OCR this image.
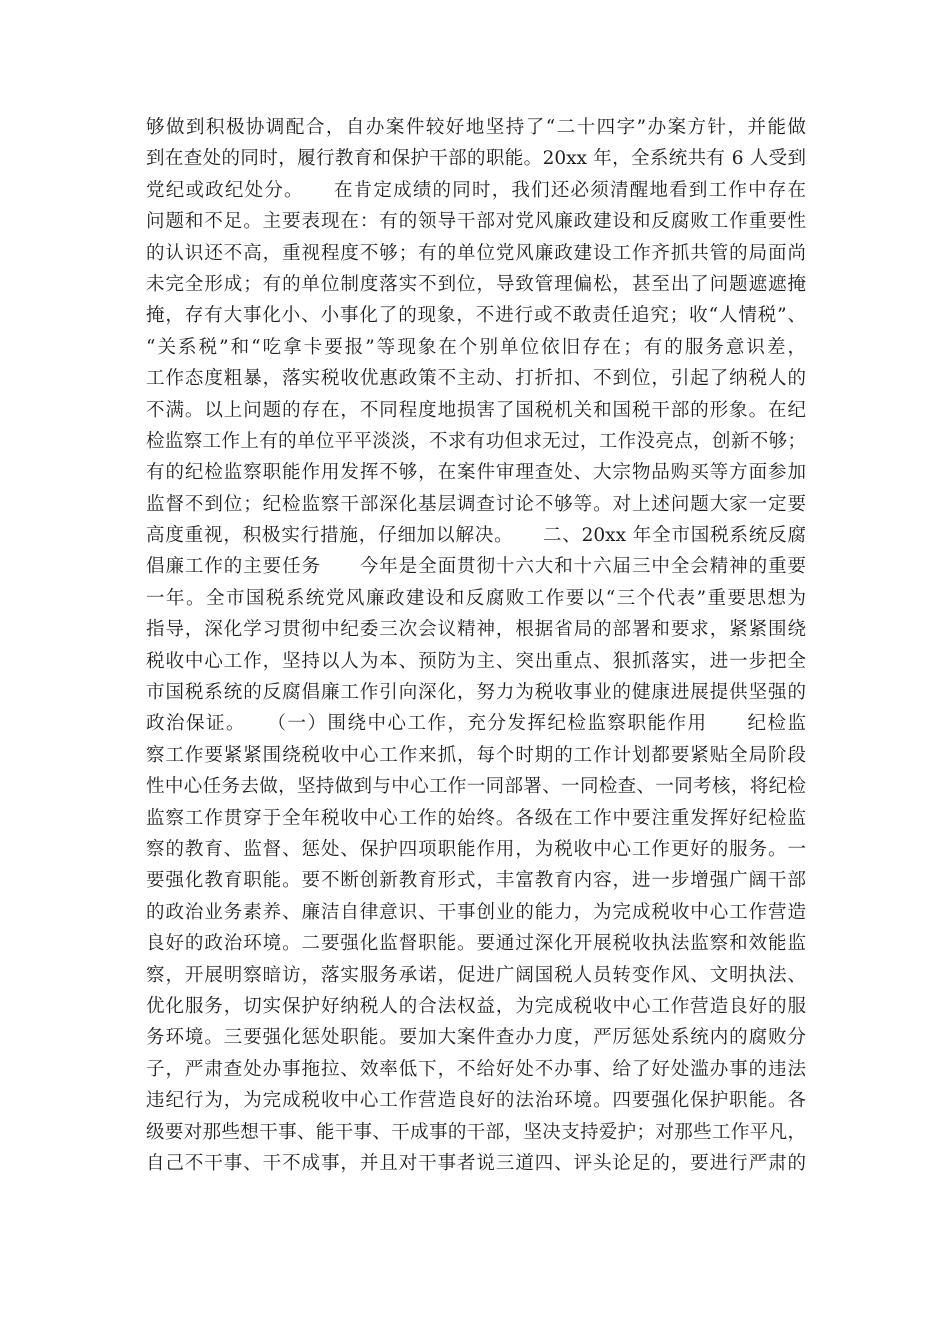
够做到积极协调配合，自办案件较好地坚持了“二十四字”办案方针，并能做
到在查处的同时，履行教育和保护干部的职能。20xx 年，全系统共有 6 人受到
党纪或政纪处分。　　在肯定成绩的同时，我们还必须清醒地看到工作中存在
问题和不足。主要表现在：有的领导干部对党风廉政建设和反腐败工作重要性
的认识还不高，重视程度不够；有的单位党风廉政建设工作齐抓共管的局面尚
未完全形成；有的单位制度落实不到位，导致管理偏松，甚至出了问题遮遮掩
掩，存有大事化小、小事化了的现象，不进行或不敢责任追究；收“人情税”、
“关系税”和“吃拿卡要报”等现象在个别单位依旧存在；有的服务意识差，
工作态度粗暴，落实税收优惠政策不主动、打折扣、不到位，引起了纳税人的
不满。以上问题的存在，不同程度地损害了国税机关和国税干部的形象。在纪
检监察工作上有的单位平平淡淡，不求有功但求无过，工作没亮点，创新不够；
有的纪检监察职能作用发挥不够，在案件审理查处、大宗物品购买等方面参加
监督不到位；纪检监察干部深化基层调查讨论不够等。对上述问题大家一定要
高度重视，积极实行措施，仔细加以解决。　　二、20xx 年全市国税系统反腐
倡廉工作的主要任务　　今年是全面贯彻十六大和十六届三中全会精神的重要
一年。全市国税系统党风廉政建设和反腐败工作要以“三个代表”重要思想为
指导，深化学习贯彻中纪委三次会议精神，根据省局的部署和要求，紧紧围绕
税收中心工作，坚持以人为本、预防为主、突出重点、狠抓落实，进一步把全
市国税系统的反腐倡廉工作引向深化，努力为税收事业的健康进展提供坚强的
政治保证。　　（一）围绕中心工作，充分发挥纪检监察职能作用　　纪检监
察工作要紧紧围绕税收中心工作来抓，每个时期的工作计划都要紧贴全局阶段
性中心任务去做，坚持做到与中心工作一同部署、一同检查、一同考核，将纪检
监察工作贯穿于全年税收中心工作的始终。各级在工作中要注重发挥好纪检监
察的教育、监督、惩处、保护四项职能作用，为税收中心工作更好的服务。一
要强化教育职能。要不断创新教育形式，丰富教育内容，进一步增强广阔干部
的政治业务素养、廉洁自律意识、干事创业的能力，为完成税收中心工作营造
良好的政治环境。二要强化监督职能。要通过深化开展税收执法监察和效能监
察，开展明察暗访，落实服务承诺，促进广阔国税人员转变作风、文明执法、
优化服务，切实保护好纳税人的合法权益，为完成税收中心工作营造良好的服
务环境。三要强化惩处职能。要加大案件查办力度，严厉惩处系统内的腐败分
子，严肃查处办事拖拉、效率低下，不给好处不办事、给了好处滥办事的违法
违纪行为，为完成税收中心工作营造良好的法治环境。四要强化保护职能。各
级要对那些想干事、能干事、干成事的干部，坚决支持爱护；对那些工作平凡，
自己不干事、干不成事，并且对干事者说三道四、评头论足的，要进行严肃的
